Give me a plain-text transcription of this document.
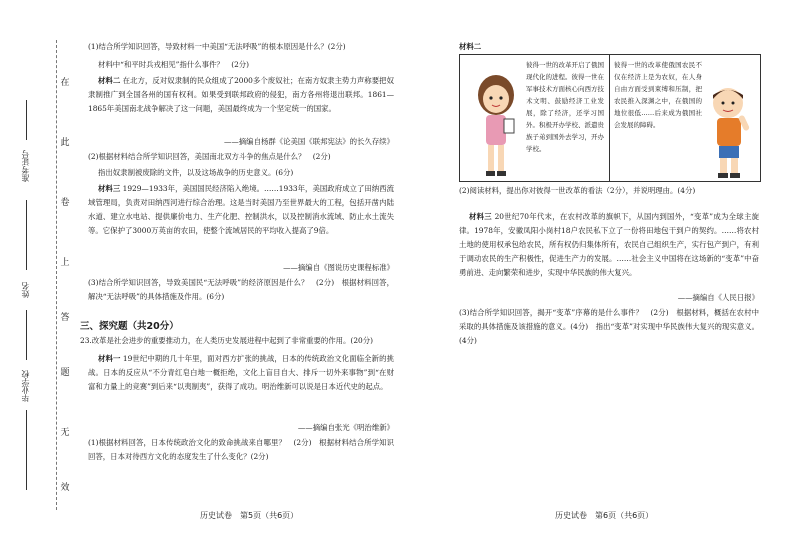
在
此
卷
上
答
题
无
效
准考证号
姓名
毕业学校
(1)结合所学知识回答，导致材料一中美国“无法呼吸”的根本原因是什么？(2分)
材料中“和平时兵戎相见”指什么事件？　(2分)
材料二 在北方，反对奴隶制的民众组成了2000多个废奴社；在南方奴隶主势力声称要把奴隶制推广到全国各州的国有权利。如果受到联邦政府的侵犯，南方各州将退出联邦。1861—1865年美国南北战争解决了这一问题，美国最终成为一个坚定统一的国家。
——摘编自杨群《论美国《联邦宪法》的长久存续》
(2)根据材料结合所学知识回答，美国南北双方斗争的焦点是什么？　(2分)
指出奴隶制被废除的文件，以及这场战争的历史意义。(6分)
材料三 1929—1933年，美国国民经济陷入绝境。……1933年，美国政府成立了田纳西流域管理局，负责对田纳西河进行综合治理。这是当时美国乃至世界最大的工程，包括开凿内陆水道、建立水电站、提供廉价电力、生产化肥、控制洪水，以及控制消水流域、防止水土流失等。它保护了3000万英亩的农田，使整个流域居民的平均收入提高了9倍。
——摘编自《图说历史课程标准》
(3)结合所学知识回答，导致美国民“无法呼吸”的经济原因是什么？　(2分)　根据材料回答，解决“无法呼吸”的具体措施及作用。(6分)
三、探究题（共20分）
23.改革是社会进步的重要推动力，在人类历史发展进程中起到了非常重要的作用。(20分)
材料一 19世纪中期的几十年里，面对西方扩张的挑战，日本的传统政治文化面临全新的挑战。日本的反应从“不分青红皂白地一概拒绝，文化上盲目自大、排斥一切外来事物”到“在财富和力量上的竞赛”到后来“以夷制夷”，获得了成功。明治维新可以说是日本近代史的起点。
——摘编自张光《明治维新》
(1)根据材料回答，日本传统政治文化的致命挑战来自哪里？　(2分)　根据材料结合所学知识回答，日本对待西方文化的态度发生了什么变化？(2分)
历史试卷　第5页（共6页）
材料二
彼得一世的改革开启了俄国现代化的进程。彼得一世在军事技术方面核心向西方技术文明、鼓励经济工业发展，除了经济，还学习国外。积极开办学校、派遣贵族子弟到国外去学习，开办学校。
彼得一世的改革使俄国农民不仅在经济上是为农奴，在人身自由方面受到束缚和压制，把农民推入深渊之中，在俄国的地位很低……后来成为俄国社会发展的障碍。
(2)阅读材料，提出你对彼得一世改革的看法（2分），并说明理由。(4分)
材料三 20世纪70年代末，在农村改革的旗帜下，从国内到国外，“变革”成为全球主旋律。1978年，安徽凤阳小岗村18户农民私下立了一份将田地包干到户的契约。……将农村土地的使用权承包给农民，所有权仍归集体所有，农民自己组织生产，实行包产到户，有利于调动农民的生产积极性，促进生产力的发展。……社会主义中国将在这场新的“变革”中奋勇前进、走向繁荣和进步，实现中华民族的伟大复兴。
——摘编自《人民日报》
(3)结合所学知识回答，揭开“变革”序幕的是什么事件？　(2分)　根据材料，概括在农村中采取的具体措施及该措施的意义。(4分)　指出“变革”对实现中华民族伟大复兴的现实意义。(4分)
历史试卷　第6页（共6页）
